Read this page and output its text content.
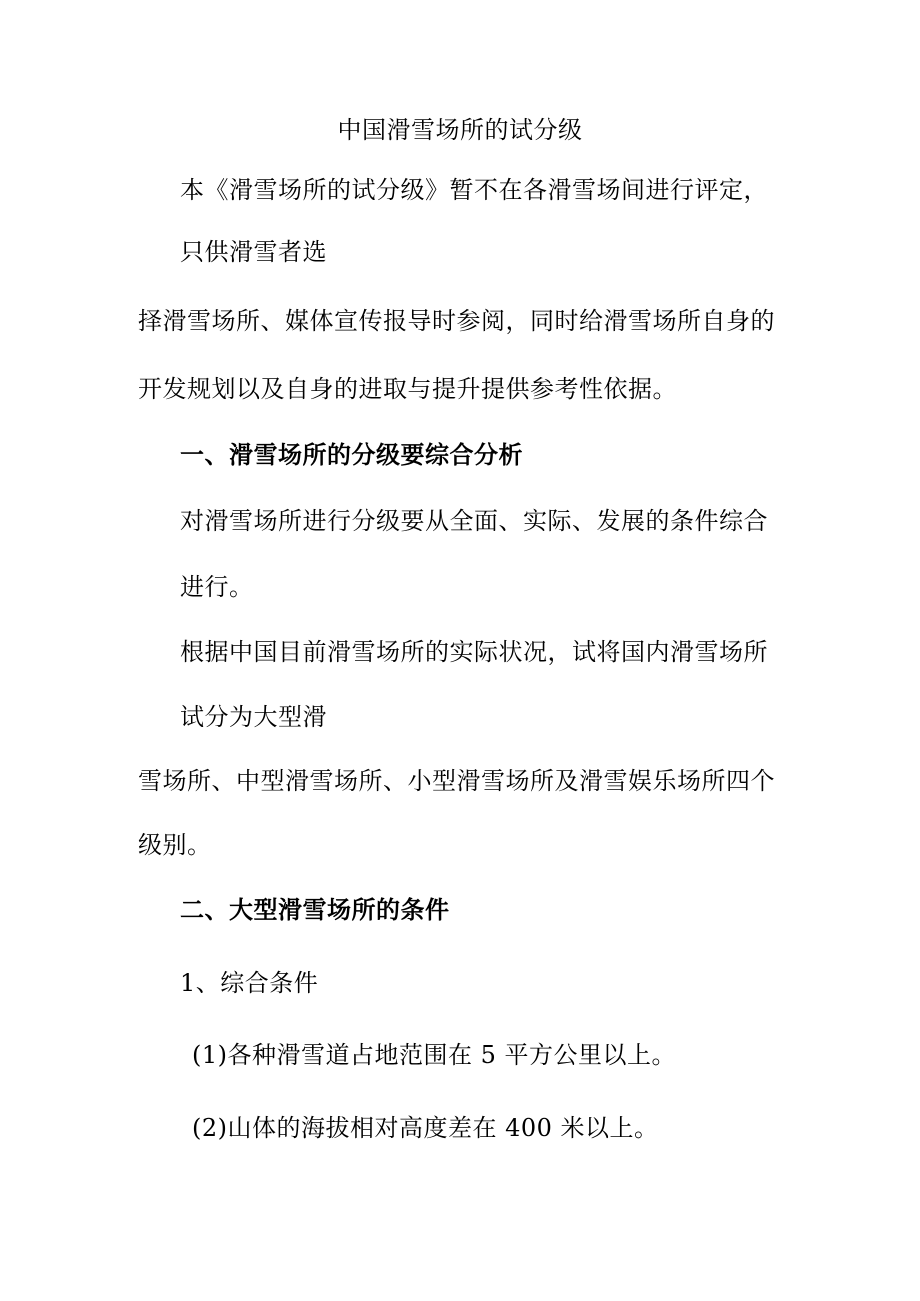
中国滑雪场所的试分级
本《滑雪场所的试分级》暂不在各滑雪场间进行评定，
只供滑雪者选
择滑雪场所、媒体宣传报导时参阅，同时给滑雪场所自身的
开发规划以及自身的进取与提升提供参考性依据。
一、滑雪场所的分级要综合分析
对滑雪场所进行分级要从全面、实际、发展的条件综合
进行。
根据中国目前滑雪场所的实际状况，试将国内滑雪场所
试分为大型滑
雪场所、中型滑雪场所、小型滑雪场所及滑雪娱乐场所四个
级别。
二、大型滑雪场所的条件
1、综合条件
(1)各种滑雪道占地范围在 5 平方公里以上。
(2)山体的海拔相对高度差在 400 米以上。
